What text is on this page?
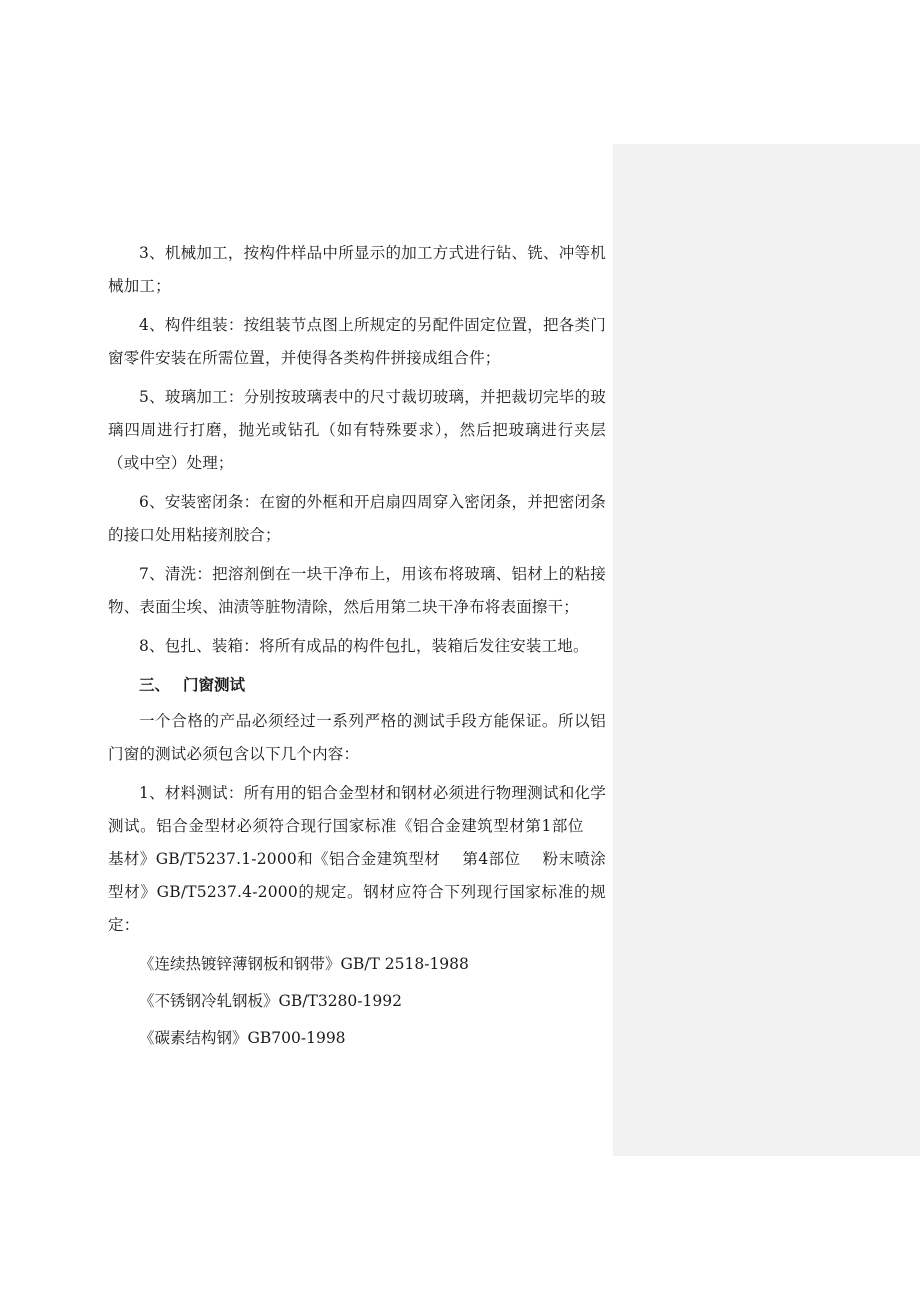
3、机械加工，按构件样品中所显示的加工方式进行钻、铣、冲等机械加工；

4、构件组装：按组装节点图上所规定的另配件固定位置，把各类门窗零件安装在所需位置，并使得各类构件拼接成组合件；

5、玻璃加工：分别按玻璃表中的尺寸裁切玻璃，并把裁切完毕的玻璃四周进行打磨，抛光或钻孔（如有特殊要求），然后把玻璃进行夹层（或中空）处理；

6、安装密闭条：在窗的外框和开启扇四周穿入密闭条，并把密闭条的接口处用粘接剂胶合；

7、清洗：把溶剂倒在一块干净布上，用该布将玻璃、铝材上的粘接物、表面尘埃、油渍等脏物清除，然后用第二块干净布将表面擦干；

8、包扎、装箱：将所有成品的构件包扎，装箱后发往安装工地。

三、 门窗测试

一个合格的产品必须经过一系列严格的测试手段方能保证。所以铝门窗的测试必须包含以下几个内容：

1、材料测试：所有用的铝合金型材和钢材必须进行物理测试和化学测试。铝合金型材必须符合现行国家标准《铝合金建筑型材第1部位基材》GB/T5237.1-2000和《铝合金建筑型材 第4部位 粉末喷涂型材》GB/T5237.4-2000的规定。钢材应符合下列现行国家标准的规定：

《连续热镀锌薄钢板和钢带》GB/T 2518-1988
《不锈钢冷轧钢板》GB/T3280-1992
《碳素结构钢》GB700-1998
